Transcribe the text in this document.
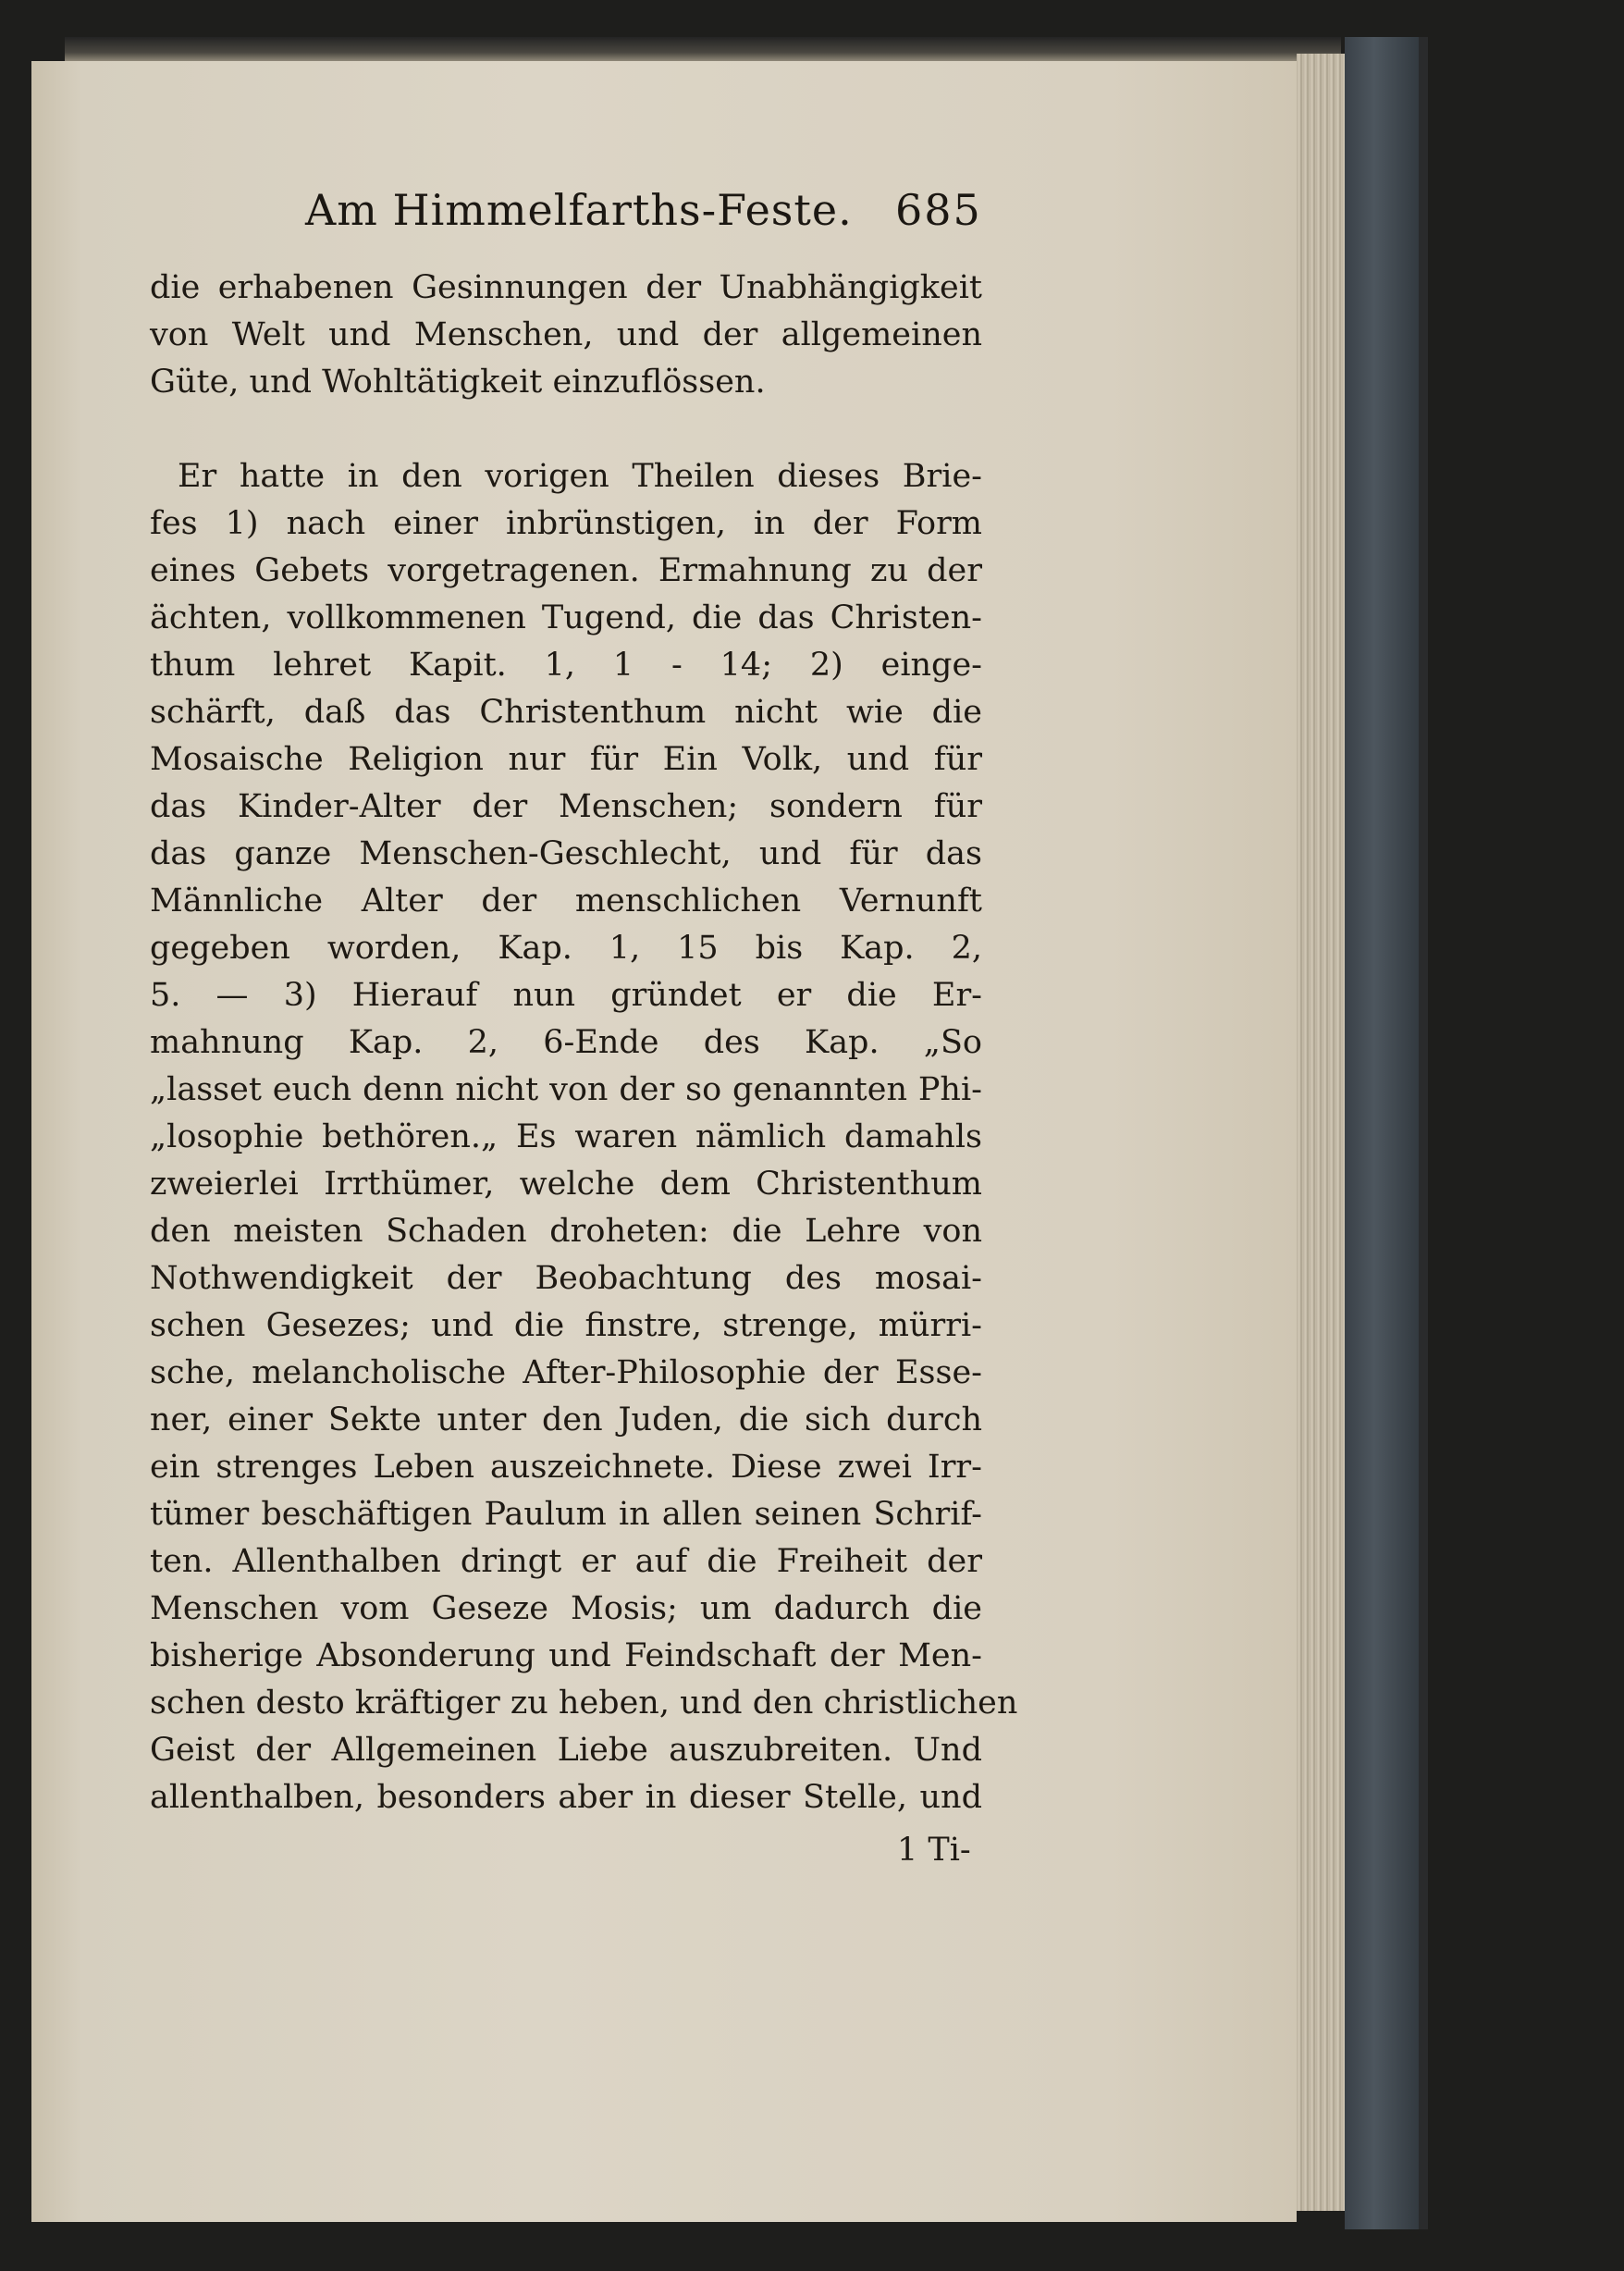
Am Himmelfarths-Feste. 685
die erhabenen Gesinnungen der Unabhängigkeit
von Welt und Menschen, und der allgemeinen
Güte, und Wohltätigkeit einzuflössen.
Er hatte in den vorigen Theilen dieses Brie-
fes 1) nach einer inbrünstigen, in der Form
eines Gebets vorgetragenen. Ermahnung zu der
ächten, vollkommenen Tugend, die das Christen-
thum lehret Kapit. 1, 1 - 14; 2) einge-
schärft, daß das Christenthum nicht wie die
Mosaische Religion nur für Ein Volk, und für
das Kinder-Alter der Menschen; sondern für
das ganze Menschen-Geschlecht, und für das
Männliche Alter der menschlichen Vernunft
gegeben worden, Kap. 1, 15 bis Kap. 2,
5. — 3) Hierauf nun gründet er die Er-
mahnung Kap. 2, 6-Ende des Kap. „So
„lasset euch denn nicht von der so genannten Phi-
„losophie bethören.„ Es waren nämlich damahls
zweierlei Irrthümer, welche dem Christenthum
den meisten Schaden droheten: die Lehre von
Nothwendigkeit der Beobachtung des mosai-
schen Gesezes; und die finstre, strenge, mürri-
sche, melancholische After-Philosophie der Esse-
ner, einer Sekte unter den Juden, die sich durch
ein strenges Leben auszeichnete. Diese zwei Irr-
tümer beschäftigen Paulum in allen seinen Schrif-
ten. Allenthalben dringt er auf die Freiheit der
Menschen vom Geseze Mosis; um dadurch die
bisherige Absonderung und Feindschaft der Men-
schen desto kräftiger zu heben, und den christlichen
Geist der Allgemeinen Liebe auszubreiten. Und
allenthalben, besonders aber in dieser Stelle, und
1 Ti-
